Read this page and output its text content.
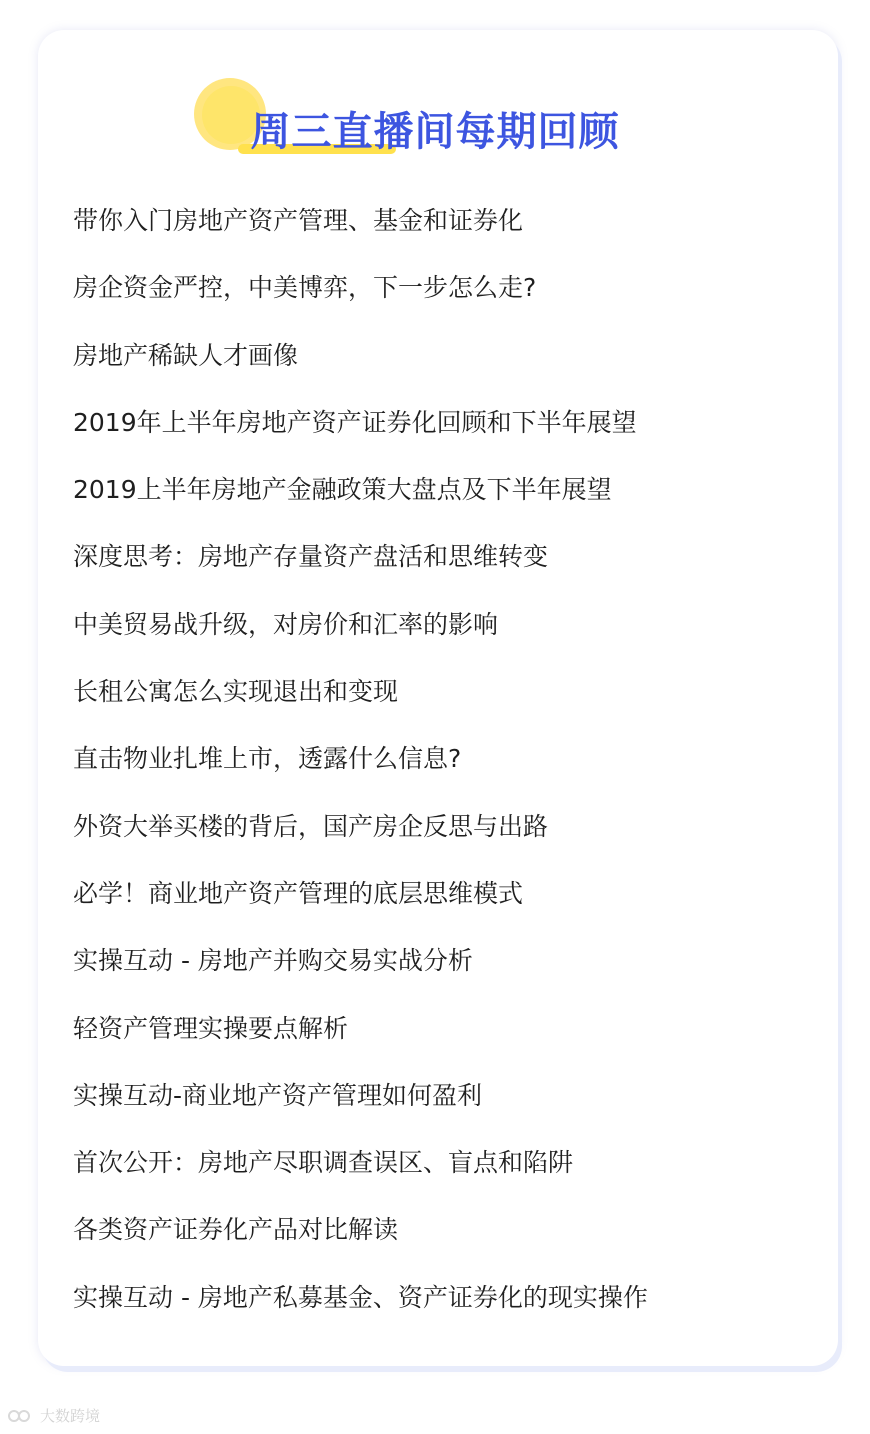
周三直播间每期回顾
带你入门房地产资产管理、基金和证券化
房企资金严控，中美博弈，下一步怎么走?
房地产稀缺人才画像
2019年上半年房地产资产证券化回顾和下半年展望
2019上半年房地产金融政策大盘点及下半年展望
深度思考：房地产存量资产盘活和思维转变
中美贸易战升级，对房价和汇率的影响
长租公寓怎么实现退出和变现
直击物业扎堆上市，透露什么信息?
外资大举买楼的背后，国产房企反思与出路
必学！商业地产资产管理的底层思维模式
实操互动 - 房地产并购交易实战分析
轻资产管理实操要点解析
实操互动-商业地产资产管理如何盈利
首次公开：房地产尽职调查误区、盲点和陷阱
各类资产证券化产品对比解读
实操互动 - 房地产私募基金、资产证券化的现实操作
大数跨境
